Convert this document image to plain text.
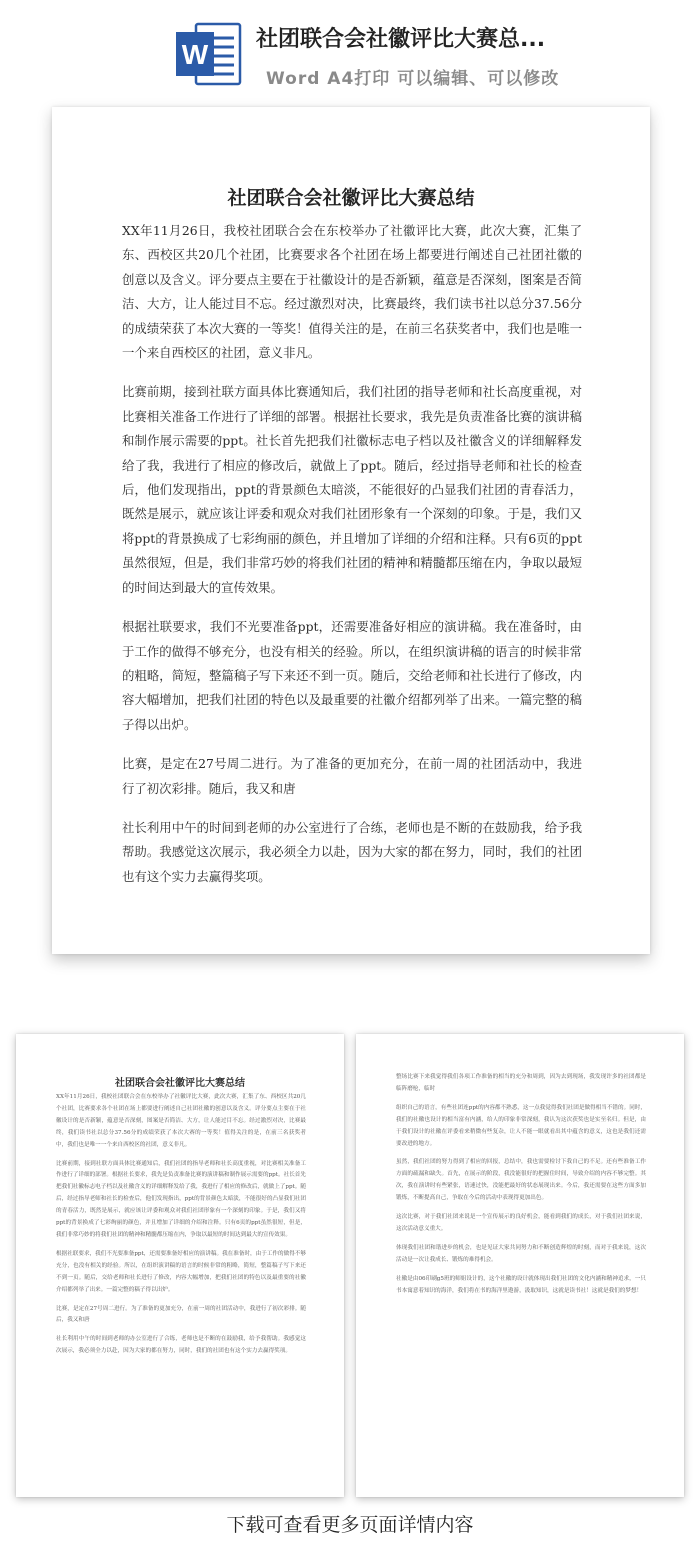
W 社团联合会社徽评比大赛总...
Word A4打印 可以编辑、可以修改
社团联合会社徽评比大赛总结

XX年11月26日，我校社团联合会在东校举办了社徽评比大赛，此次大赛，汇集了东、西校区共20几个社团，比赛要求各个社团在场上都要进行阐述自己社团社徽的创意以及含义。评分要点主要在于社徽设计的是否新颖，蕴意是否深刻，图案是否简洁、大方，让人能过目不忘。经过激烈对决，比赛最终，我们读书社以总分37.56分的成绩荣获了本次大赛的一等奖！值得关注的是，在前三名获奖者中，我们也是唯一一个来自西校区的社团，意义非凡。

比赛前期，接到社联方面具体比赛通知后，我们社团的指导老师和社长高度重视，对比赛相关准备工作进行了详细的部署。根据社长要求，我先是负责准备比赛的演讲稿和制作展示需要的ppt。社长首先把我们社徽标志电子档以及社徽含义的详细解释发给了我，我进行了相应的修改后，就做上了ppt。随后，经过指导老师和社长的检查后，他们发现指出，ppt的背景颜色太暗淡，不能很好的凸显我们社团的青春活力，既然是展示，就应该让评委和观众对我们社团形象有一个深刻的印象。于是，我们又将ppt的背景换成了七彩绚丽的颜色，并且增加了详细的介绍和注释。只有6页的ppt虽然很短，但是，我们非常巧妙的将我们社团的精神和精髓都压缩在内，争取以最短的时间达到最大的宣传效果。

根据社联要求，我们不光要准备ppt，还需要准备好相应的演讲稿。我在准备时，由于工作的做得不够充分，也没有相关的经验。所以，在组织演讲稿的语言的时候非常的粗略，简短，整篇稿子写下来还不到一页。随后，交给老师和社长进行了修改，内容大幅增加，把我们社团的特色以及最重要的社徽介绍都列举了出来。一篇完整的稿子得以出炉。

比赛，是定在27号周二进行。为了准备的更加充分，在前一周的社团活动中，我进行了初次彩排。随后，我又和唐

社长利用中午的时间到老师的办公室进行了合练，老师也是不断的在鼓励我，给予我帮助。我感觉这次展示，我必须全力以赴，因为大家的都在努力，同时，我们的社团也有这个实力去赢得奖项。

社团联合会社徽评比大赛总结

XX年11月26日，我校社团联合会在东校举办了社徽评比大赛，此次大赛，汇集了东、西校区共20几个社团，比赛要求各个社团在场上都要进行阐述自己社团社徽的创意以及含义。评分要点主要在于社徽设计的是否新颖，蕴意是否深刻，图案是否简洁、大方，让人能过目不忘。经过激烈对决，比赛最终，我们读书社以总分37.56分的成绩荣获了本次大赛的一等奖！值得关注的是，在前三名获奖者中，我们也是唯一一个来自西校区的社团，意义非凡。

比赛前期，接到社联方面具体比赛通知后，我们社团的指导老师和社长高度重视，对比赛相关准备工作进行了详细的部署。根据社长要求，我先是负责准备比赛的演讲稿和制作展示需要的ppt。社长首先把我们社徽标志电子档以及社徽含义的详细解释发给了我，我进行了相应的修改后，就做上了ppt。随后，经过指导老师和社长的检查后，他们发现指出，ppt的背景颜色太暗淡，不能很好的凸显我们社团的青春活力，既然是展示，就应该让评委和观众对我们社团形象有一个深刻的印象。于是，我们又将ppt的背景换成了七彩绚丽的颜色，并且增加了详细的介绍和注释。只有6页的ppt虽然很短，但是，我们非常巧妙的将我们社团的精神和精髓都压缩在内，争取以最短的时间达到最大的宣传效果。

根据社联要求，我们不光要准备ppt，还需要准备好相应的演讲稿。我在准备时，由于工作的做得不够充分，也没有相关的经验。所以，在组织演讲稿的语言的时候非常的粗略，简短，整篇稿子写下来还不到一页。随后，交给老师和社长进行了修改，内容大幅增加，把我们社团的特色以及最重要的社徽介绍都列举了出来。一篇完整的稿子得以出炉。

比赛，是定在27号周二进行。为了准备的更加充分，在前一周的社团活动中，我进行了初次彩排。随后，我又和唐

社长利用中午的时间到老师的办公室进行了合练，老师也是不断的在鼓励我，给予我帮助。我感觉这次展示，我必须全力以赴，因为大家的都在努力，同时，我们的社团也有这个实力去赢得奖项。

整场比赛下来我觉得我们各项工作准备的相当的充分和周到，因为去到现场，我发现许多的社团都是临阵磨枪，临时

组织自己的语言，有些社团连ppt的内容都不熟悉，这一点我觉得我们社团是做得相当不错的。同时，我们的社徽也设计的相当富有内涵，给人的印象非常深刻，我认为这次获奖也是实至名归。但是，由于我们设计的社徽在评委看来稍微有些复杂，让人不能一眼就看出其中蕴含的意义，这也是我们还需要改进的地方。

虽然，我们社团的努力得到了相应的回报，总结中，我也需要检讨下我自己的不足。还有些准备工作方面的疏漏和缺失。首先，在展示的阶段，我没能很好的把握住时间，导致介绍的内容不够完整。其次，我在演讲时有些紧张，语速过快，没能把最好的状态展现出来。今后，我还需要在这些方面多加锻炼，不断提高自己，争取在今后的活动中表现得更加出色。

这次比赛，对于我们社团来说是一个宣传展示的良好机会，能看到我们的成长，对于我们社团来说，这次活动意义重大。

体现我们社团和谐进步的机会，也是见证大家共同努力和不断创造辉煌的时刻，而对于我来说，这次活动是一次让我成长、锻炼的难得机会。

社徽是由06印刷g5班的师姐设计的，这个社徽的设计就体现出我们社团的文化内涵和精神追求，一只书本寓意着知识的海洋，我们将在书的海洋里遨游，汲取知识，这就是读书社！这就是我们的梦想！

下载可查看更多页面详情内容
